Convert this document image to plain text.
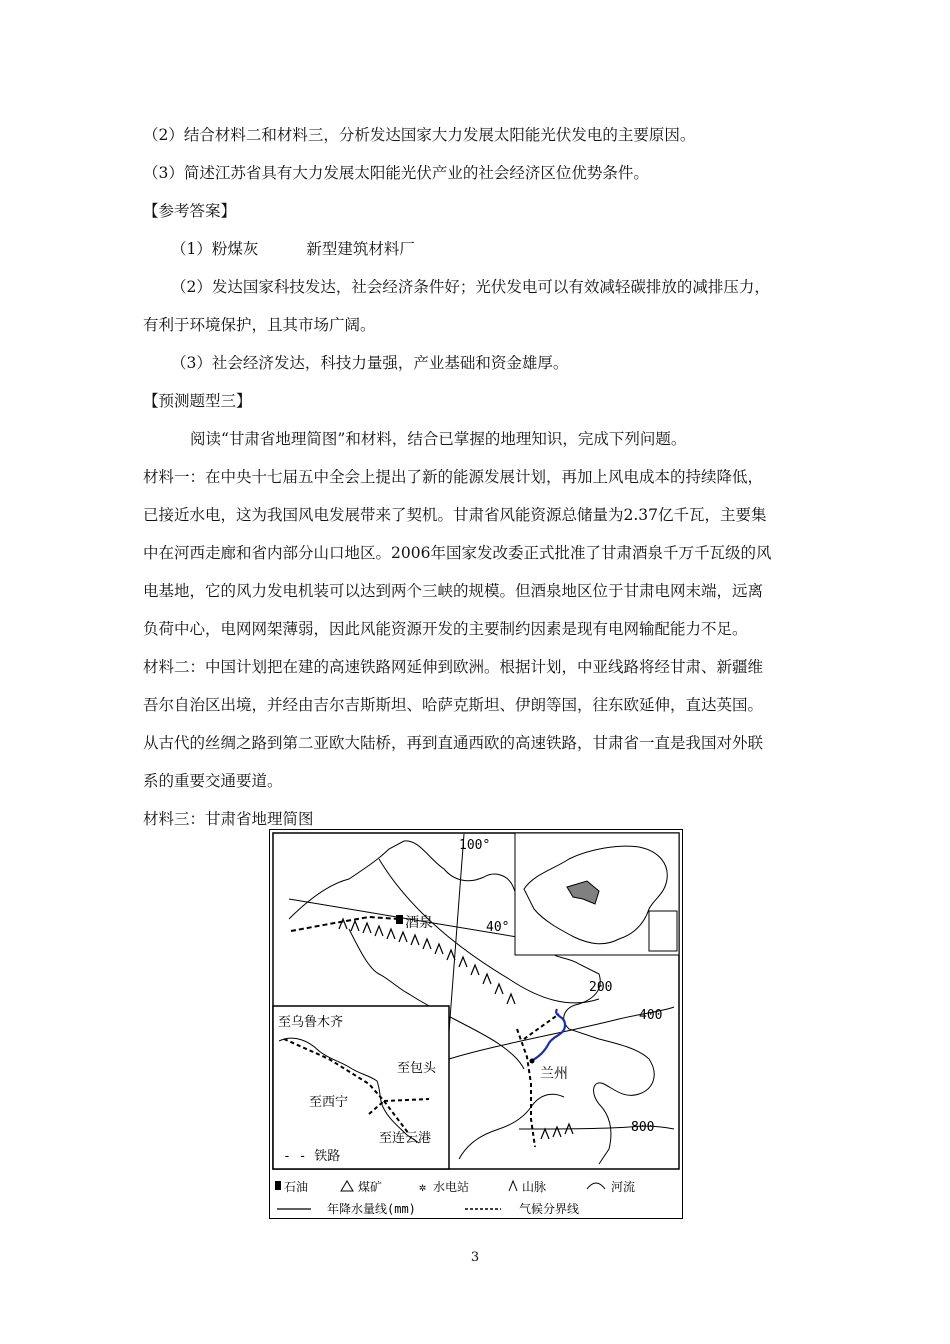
（2）结合材料二和材料三，分析发达国家大力发展太阳能光伏发电的主要原因。
（3）简述江苏省具有大力发展太阳能光伏产业的社会经济区位优势条件。
【参考答案】
（1）粉煤灰	新型建筑材料厂
（2）发达国家科技发达，社会经济条件好；光伏发电可以有效减轻碳排放的减排压力，
有利于环境保护，且其市场广阔。
（3）社会经济发达，科技力量强，产业基础和资金雄厚。
【预测题型三】
阅读“甘肃省地理简图”和材料，结合已掌握的地理知识，完成下列问题。
材料一：在中央十七届五中全会上提出了新的能源发展计划，再加上风电成本的持续降低，
已接近水电，这为我国风电发展带来了契机。甘肃省风能资源总储量为2.37亿千瓦，主要集
中在河西走廊和省内部分山口地区。2006年国家发改委正式批准了甘肃酒泉千万千瓦级的风
电基地，它的风力发电机装可以达到两个三峡的规模。但酒泉地区位于甘肃电网末端，远离
负荷中心，电网网架薄弱，因此风能资源开发的主要制约因素是现有电网输配能力不足。
材料二：中国计划把在建的高速铁路网延伸到欧洲。根据计划，中亚线路将经甘肃、新疆维
吾尔自治区出境，并经由吉尔吉斯斯坦、哈萨克斯坦、伊朗等国，往东欧延伸，直达英国。
从古代的丝绸之路到第二亚欧大陆桥，再到直通西欧的高速铁路，甘肃省一直是我国对外联
系的重要交通要道。
材料三：甘肃省地理简图
100°
40°
200
400
800
酒泉
兰州
至乌鲁木齐
至包头
至西宁
至连云港
- - 铁路
石油	煤矿	✲ 水电站	山脉	河流
年降水量线(mm)	气候分界线
3
